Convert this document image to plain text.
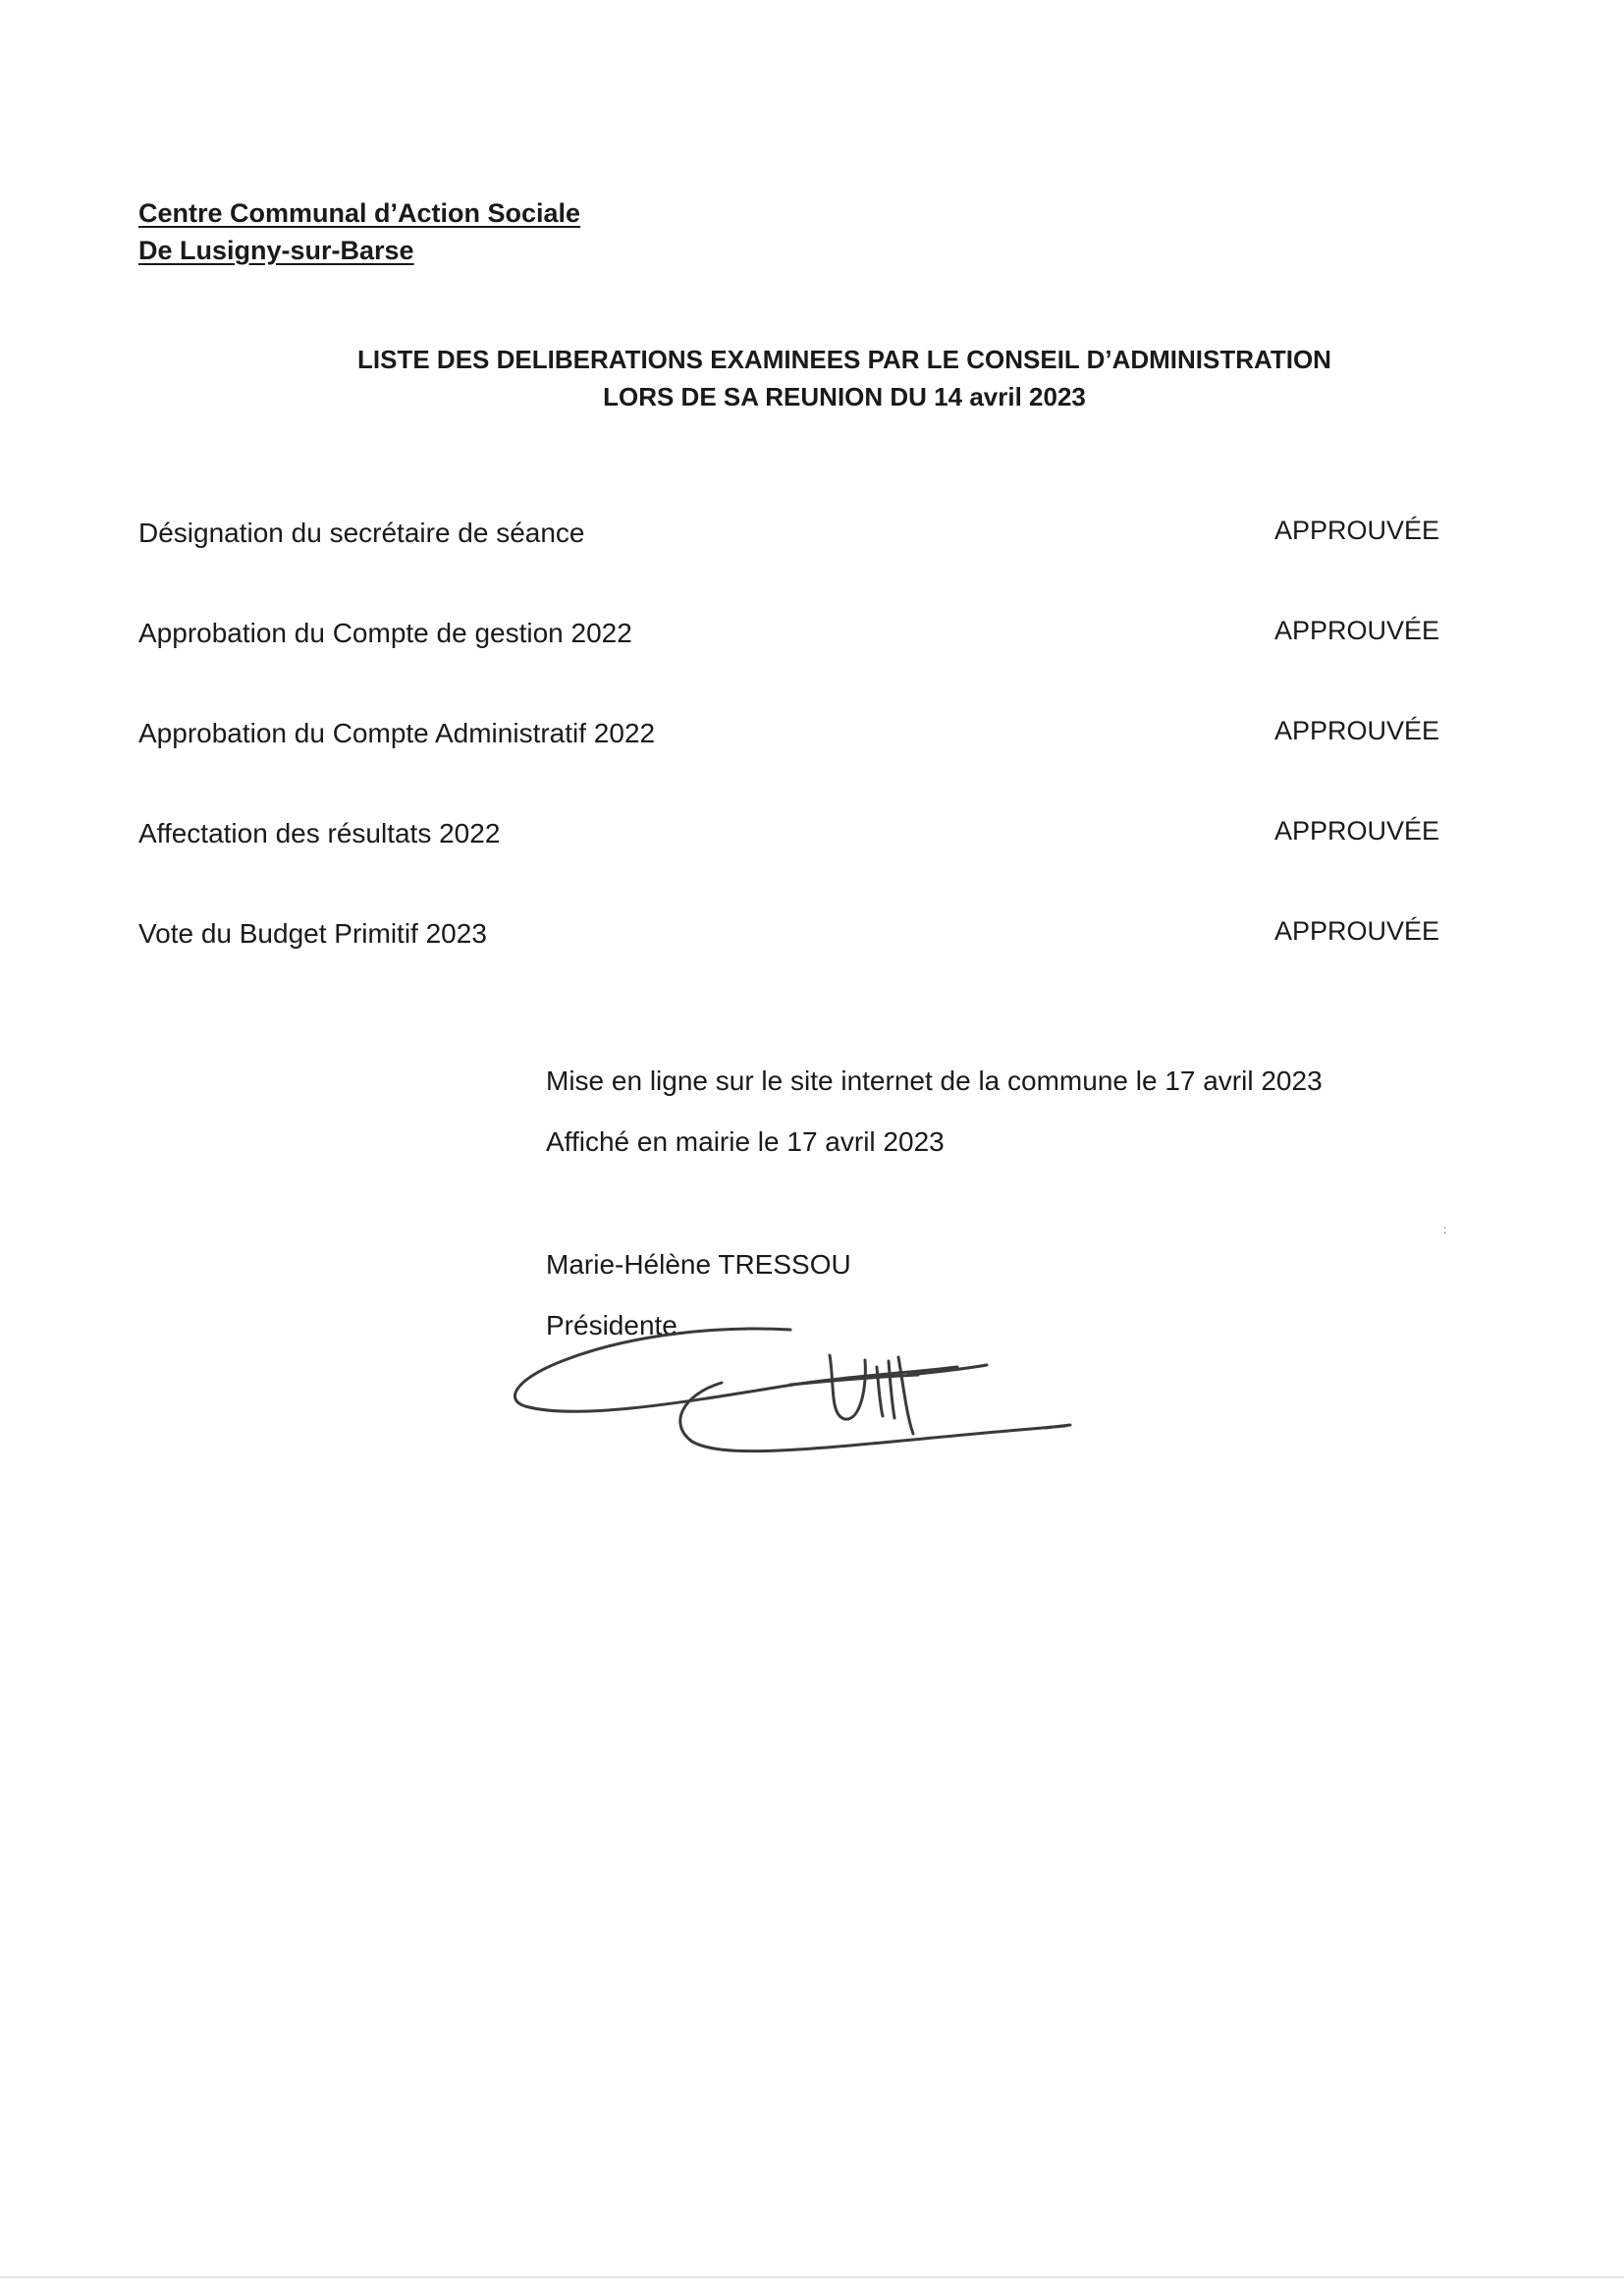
Centre Communal d’Action Sociale
De Lusigny-sur-Barse
LISTE DES DELIBERATIONS EXAMINEES PAR LE CONSEIL D’ADMINISTRATION
LORS DE SA REUNION DU 14 avril 2023
Désignation du secrétaire de séance	APPROUVÉE
Approbation du Compte de gestion 2022	APPROUVÉE
Approbation du Compte Administratif 2022	APPROUVÉE
Affectation des résultats 2022	APPROUVÉE
Vote du Budget Primitif 2023	APPROUVÉE
Mise en ligne sur le site internet de la commune le 17 avril 2023
Affiché en mairie le 17 avril 2023
Marie-Hélène TRESSOU
Présidente
:
